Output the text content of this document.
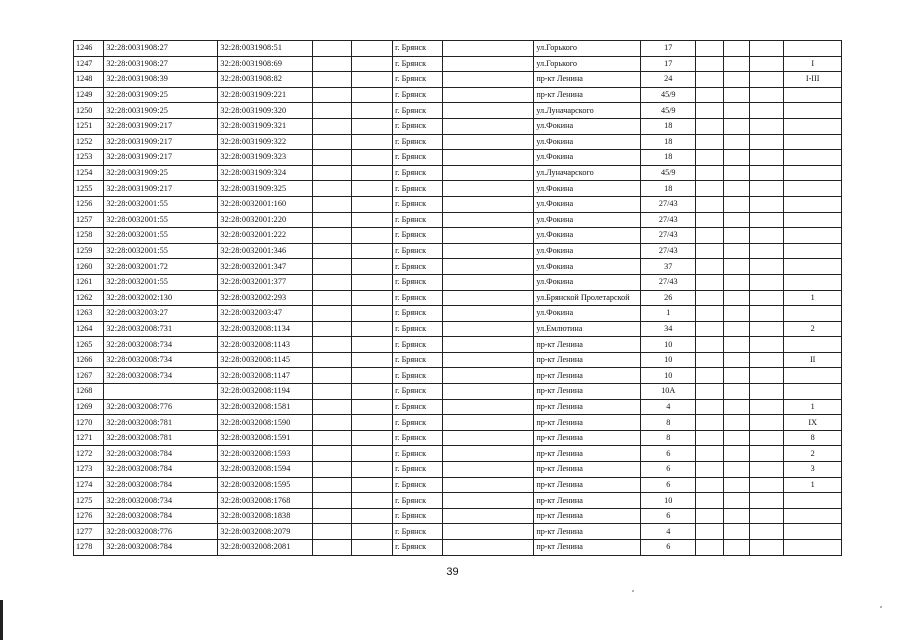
1246	32:28:0031908:27	32:28:0031908:51			г. Брянск		ул.Горького	17				
1247	32:28:0031908:27	32:28:0031908:69			г. Брянск		ул.Горького	17				I
1248	32:28:0031908:39	32:28:0031908:82			г. Брянск		пр-кт Ленина	24				I-III
1249	32:28:0031909:25	32:28:0031909:221			г. Брянск		пр-кт Ленина	45/9				
1250	32:28:0031909:25	32:28:0031909:320			г. Брянск		ул.Луначарского	45/9				
1251	32:28:0031909:217	32:28:0031909:321			г. Брянск		ул.Фокина	18				
1252	32:28:0031909:217	32:28:0031909:322			г. Брянск		ул.Фокина	18				
1253	32:28:0031909:217	32:28:0031909:323			г. Брянск		ул.Фокина	18				
1254	32:28:0031909:25	32:28:0031909:324			г. Брянск		ул.Луначарского	45/9				
1255	32:28:0031909:217	32:28:0031909:325			г. Брянск		ул.Фокина	18				
1256	32:28:0032001:55	32:28:0032001:160			г. Брянск		ул.Фокина	27/43				
1257	32:28:0032001:55	32:28:0032001:220			г. Брянск		ул.Фокина	27/43				
1258	32:28:0032001:55	32:28:0032001:222			г. Брянск		ул.Фокина	27/43				
1259	32:28:0032001:55	32:28:0032001:346			г. Брянск		ул.Фокина	27/43				
1260	32:28:0032001:72	32:28:0032001:347			г. Брянск		ул.Фокина	37				
1261	32:28:0032001:55	32:28:0032001:377			г. Брянск		ул.Фокина	27/43				
1262	32:28:0032002:130	32:28:0032002:293			г. Брянск		ул.Брянской Пролетарской	26				1
1263	32:28:0032003:27	32:28:0032003:47			г. Брянск		ул.Фокина	1				
1264	32:28:0032008:731	32:28:0032008:1134			г. Брянск		ул.Емлютина	34				2
1265	32:28:0032008:734	32:28:0032008:1143			г. Брянск		пр-кт Ленина	10				
1266	32:28:0032008:734	32:28:0032008:1145			г. Брянск		пр-кт Ленина	10				II
1267	32:28:0032008:734	32:28:0032008:1147			г. Брянск		пр-кт Ленина	10				
1268		32:28:0032008:1194			г. Брянск		пр-кт Ленина	10А				
1269	32:28:0032008:776	32:28:0032008:1581			г. Брянск		пр-кт Ленина	4				1
1270	32:28:0032008:781	32:28:0032008:1590			г. Брянск		пр-кт Ленина	8				IX
1271	32:28:0032008:781	32:28:0032008:1591			г. Брянск		пр-кт Ленина	8				8
1272	32:28:0032008:784	32:28:0032008:1593			г. Брянск		пр-кт Ленина	6				2
1273	32:28:0032008:784	32:28:0032008:1594			г. Брянск		пр-кт Ленина	6				3
1274	32:28:0032008:784	32:28:0032008:1595			г. Брянск		пр-кт Ленина	6				1
1275	32:28:0032008:734	32:28:0032008:1768			г. Брянск		пр-кт Ленина	10				
1276	32:28:0032008:784	32:28:0032008:1838			г. Брянск		пр-кт Ленина	6				
1277	32:28:0032008:776	32:28:0032008:2079			г. Брянск		пр-кт Ленина	4				
1278	32:28:0032008:784	32:28:0032008:2081			г. Брянск		пр-кт Ленина	6				
39
